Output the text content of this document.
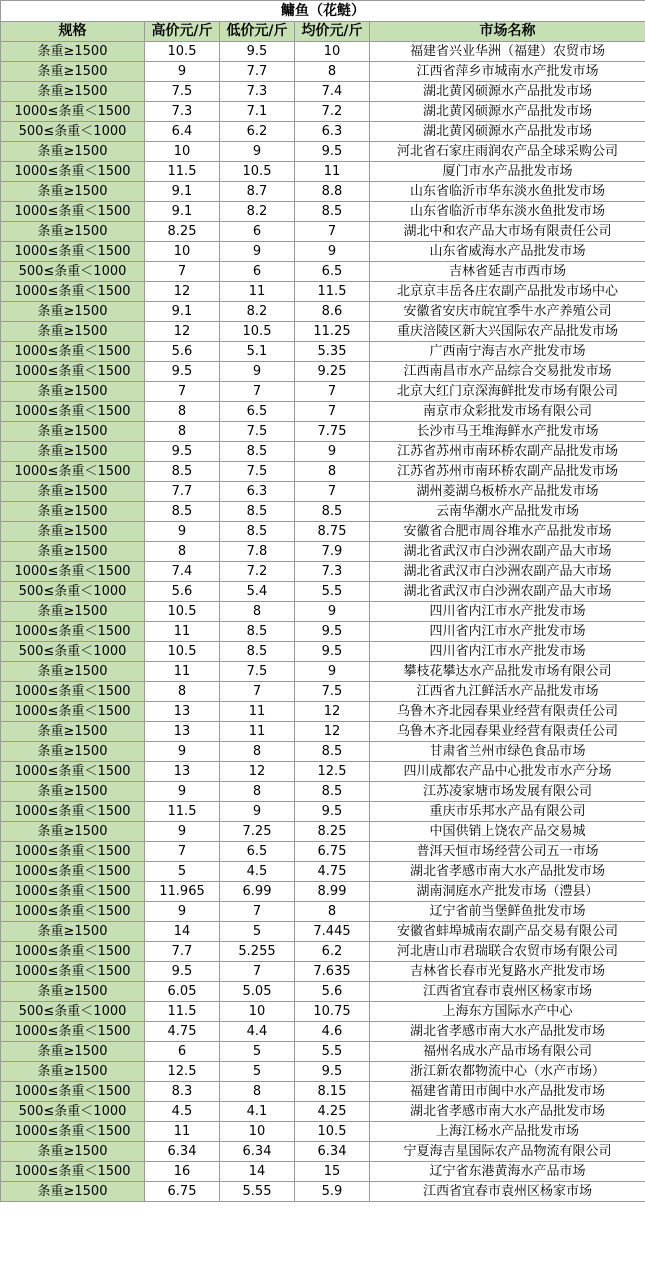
鳙鱼（花鲢）				
规格	高价元/斤	低价元/斤	均价元/斤	市场名称
条重≥1500	10.5	9.5	10	福建省兴业华洲（福建）农贸市场
条重≥1500	9	7.7	8	江西省萍乡市城南水产批发市场
条重≥1500	7.5	7.3	7.4	湖北黄冈硕源水产品批发市场
1000≤条重＜1500	7.3	7.1	7.2	湖北黄冈硕源水产品批发市场
500≤条重＜1000	6.4	6.2	6.3	湖北黄冈硕源水产品批发市场
条重≥1500	10	9	9.5	河北省石家庄雨润农产品全球采购公司
1000≤条重＜1500	11.5	10.5	11	厦门市水产品批发市场
条重≥1500	9.1	8.7	8.8	山东省临沂市华东淡水鱼批发市场
1000≤条重＜1500	9.1	8.2	8.5	山东省临沂市华东淡水鱼批发市场
条重≥1500	8.25	6	7	湖北中和农产品大市场有限责任公司
1000≤条重＜1500	10	9	9	山东省威海水产品批发市场
500≤条重＜1000	7	6	6.5	吉林省延吉市西市场
1000≤条重＜1500	12	11	11.5	北京京丰岳各庄农副产品批发市场中心
条重≥1500	9.1	8.2	8.6	安徽省安庆市皖宜季牛水产养殖公司
条重≥1500	12	10.5	11.25	重庆涪陵区新大兴国际农产品批发市场
1000≤条重＜1500	5.6	5.1	5.35	广西南宁海吉水产批发市场
1000≤条重＜1500	9.5	9	9.25	江西南昌市水产品综合交易批发市场
条重≥1500	7	7	7	北京大红门京深海鲜批发市场有限公司
1000≤条重＜1500	8	6.5	7	南京市众彩批发市场有限公司
条重≥1500	8	7.5	7.75	长沙市马王堆海鲜水产批发市场
条重≥1500	9.5	8.5	9	江苏省苏州市南环桥农副产品批发市场
1000≤条重＜1500	8.5	7.5	8	江苏省苏州市南环桥农副产品批发市场
条重≥1500	7.7	6.3	7	湖州菱湖乌板桥水产品批发市场
条重≥1500	8.5	8.5	8.5	云南华潮水产品批发市场
条重≥1500	9	8.5	8.75	安徽省合肥市周谷堆水产品批发市场
条重≥1500	8	7.8	7.9	湖北省武汉市白沙洲农副产品大市场
1000≤条重＜1500	7.4	7.2	7.3	湖北省武汉市白沙洲农副产品大市场
500≤条重＜1000	5.6	5.4	5.5	湖北省武汉市白沙洲农副产品大市场
条重≥1500	10.5	8	9	四川省内江市水产批发市场
1000≤条重＜1500	11	8.5	9.5	四川省内江市水产批发市场
500≤条重＜1000	10.5	8.5	9.5	四川省内江市水产批发市场
条重≥1500	11	7.5	9	攀枝花攀达水产品批发市场有限公司
1000≤条重＜1500	8	7	7.5	江西省九江鲜活水产品批发市场
1000≤条重＜1500	13	11	12	乌鲁木齐北园春果业经营有限责任公司
条重≥1500	13	11	12	乌鲁木齐北园春果业经营有限责任公司
条重≥1500	9	8	8.5	甘肃省兰州市绿色食品市场
1000≤条重＜1500	13	12	12.5	四川成都农产品中心批发市水产分场
条重≥1500	9	8	8.5	江苏凌家塘市场发展有限公司
1000≤条重＜1500	11.5	9	9.5	重庆市乐邦水产品有限公司
条重≥1500	9	7.25	8.25	中国供销上饶农产品交易城
1000≤条重＜1500	7	6.5	6.75	普洱天恒市场经营公司五一市场
1000≤条重＜1500	5	4.5	4.75	湖北省孝感市南大水产品批发市场
1000≤条重＜1500	11.965	6.99	8.99	湖南洞庭水产批发市场（澧县）
1000≤条重＜1500	9	7	8	辽宁省前当堡鲜鱼批发市场
条重≥1500	14	5	7.445	安徽省蚌埠城南农副产品交易有限公司
1000≤条重＜1500	7.7	5.255	6.2	河北唐山市君瑞联合农贸市场有限公司
1000≤条重＜1500	9.5	7	7.635	吉林省长春市光复路水产批发市场
条重≥1500	6.05	5.05	5.6	江西省宜春市袁州区杨家市场
500≤条重＜1000	11.5	10	10.75	上海东方国际水产中心
1000≤条重＜1500	4.75	4.4	4.6	湖北省孝感市南大水产品批发市场
条重≥1500	6	5	5.5	福州名成水产品市场有限公司
条重≥1500	12.5	5	9.5	浙江新农都物流中心（水产市场）
1000≤条重＜1500	8.3	8	8.15	福建省莆田市闽中水产品批发市场
500≤条重＜1000	4.5	4.1	4.25	湖北省孝感市南大水产品批发市场
1000≤条重＜1500	11	10	10.5	上海江杨水产品批发市场
条重≥1500	6.34	6.34	6.34	宁夏海吉星国际农产品物流有限公司
1000≤条重＜1500	16	14	15	辽宁省东港黄海水产品市场
条重≥1500	6.75	5.55	5.9	江西省宜春市袁州区杨家市场
